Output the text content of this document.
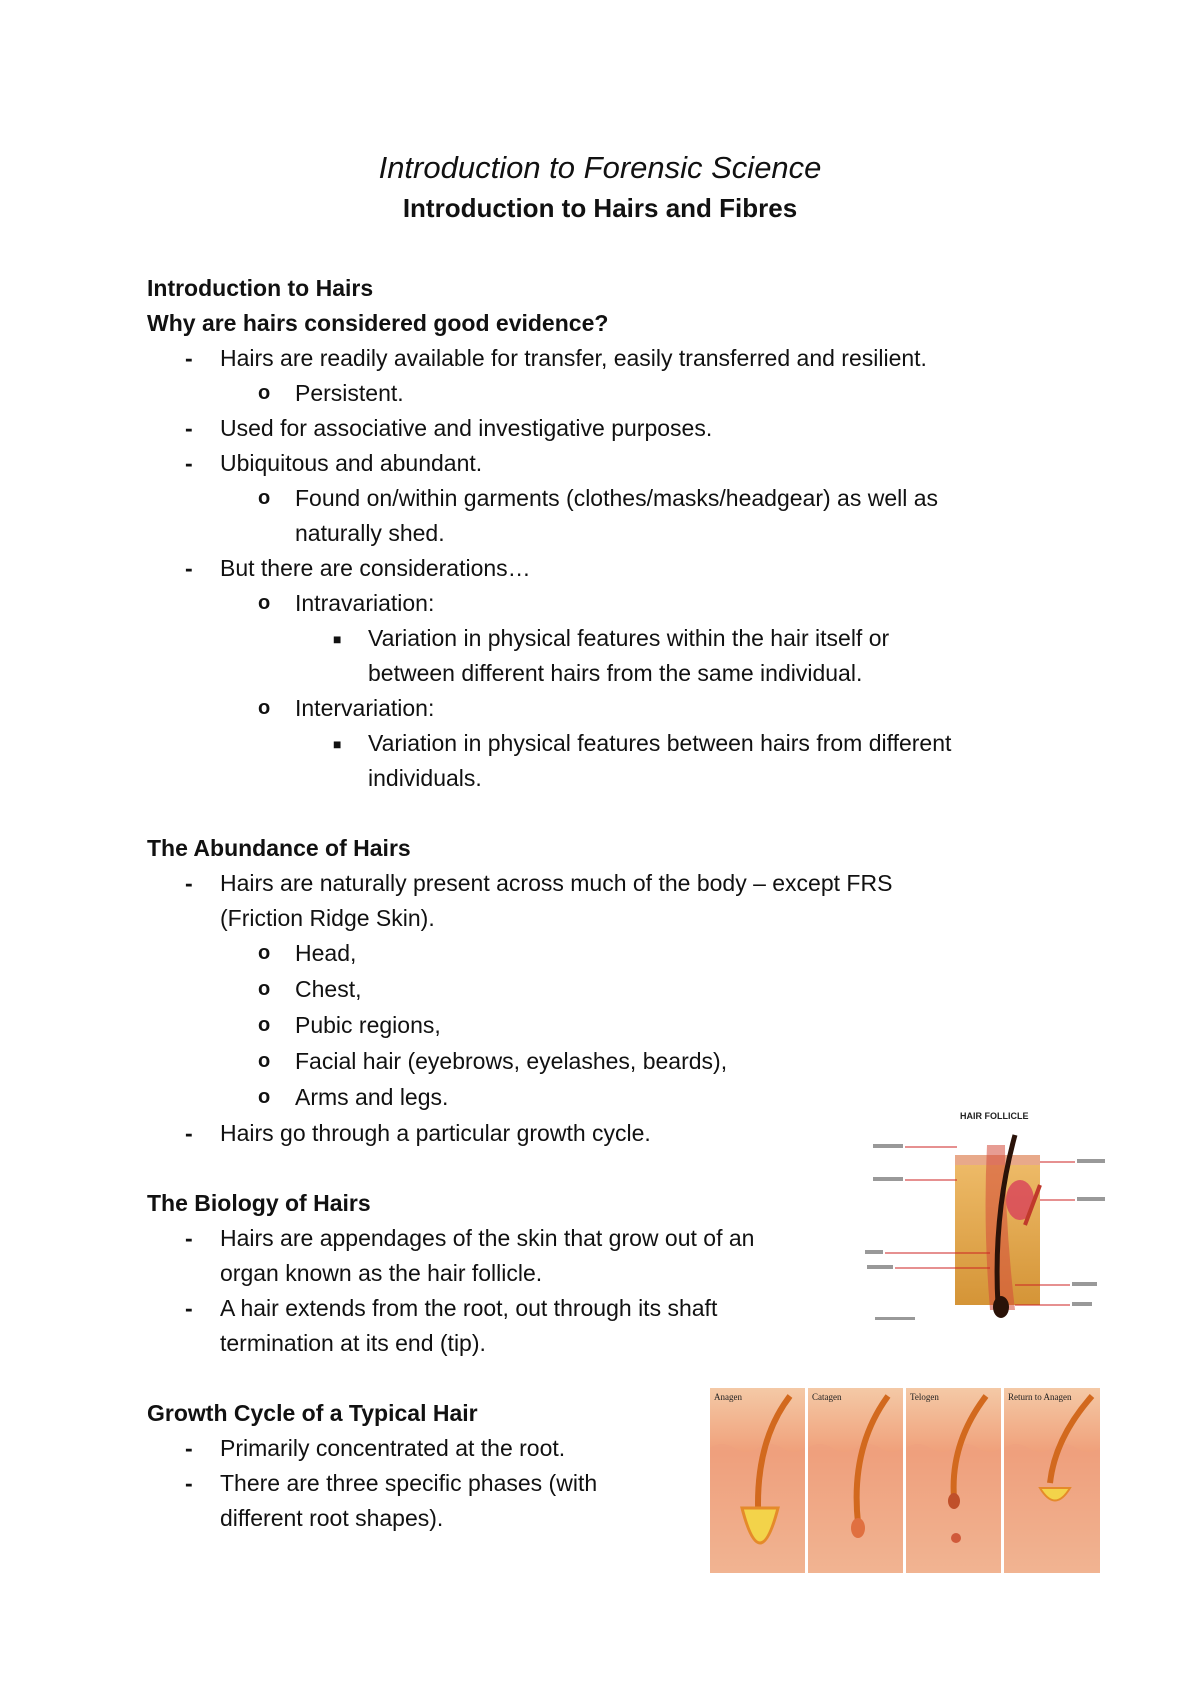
Introduction to Forensic Science
Introduction to Hairs and Fibres
Introduction to Hairs
Why are hairs considered good evidence?
- Hairs are readily available for transfer, easily transferred and resilient.
o Persistent.
- Used for associative and investigative purposes.
- Ubiquitous and abundant.
o Found on/within garments (clothes/masks/headgear) as well as
naturally shed.
- But there are considerations…
o Intravariation:
■ Variation in physical features within the hair itself or
between different hairs from the same individual.
o Intervariation:
■ Variation in physical features between hairs from different
individuals.
The Abundance of Hairs
- Hairs are naturally present across much of the body – except FRS
(Friction Ridge Skin).
o Head,
o Chest,
o Pubic regions,
o Facial hair (eyebrows, eyelashes, beards),
o Arms and legs.
- Hairs go through a particular growth cycle.
The Biology of Hairs
- Hairs are appendages of the skin that grow out of an
organ known as the hair follicle.
- A hair extends from the root, out through its shaft
termination at its end (tip).
Growth Cycle of a Typical Hair
- Primarily concentrated at the root.
- There are three specific phases (with
different root shapes).
HAIR FOLLICLE
Anagen	Catagen	Telogen	Return to Anagen
